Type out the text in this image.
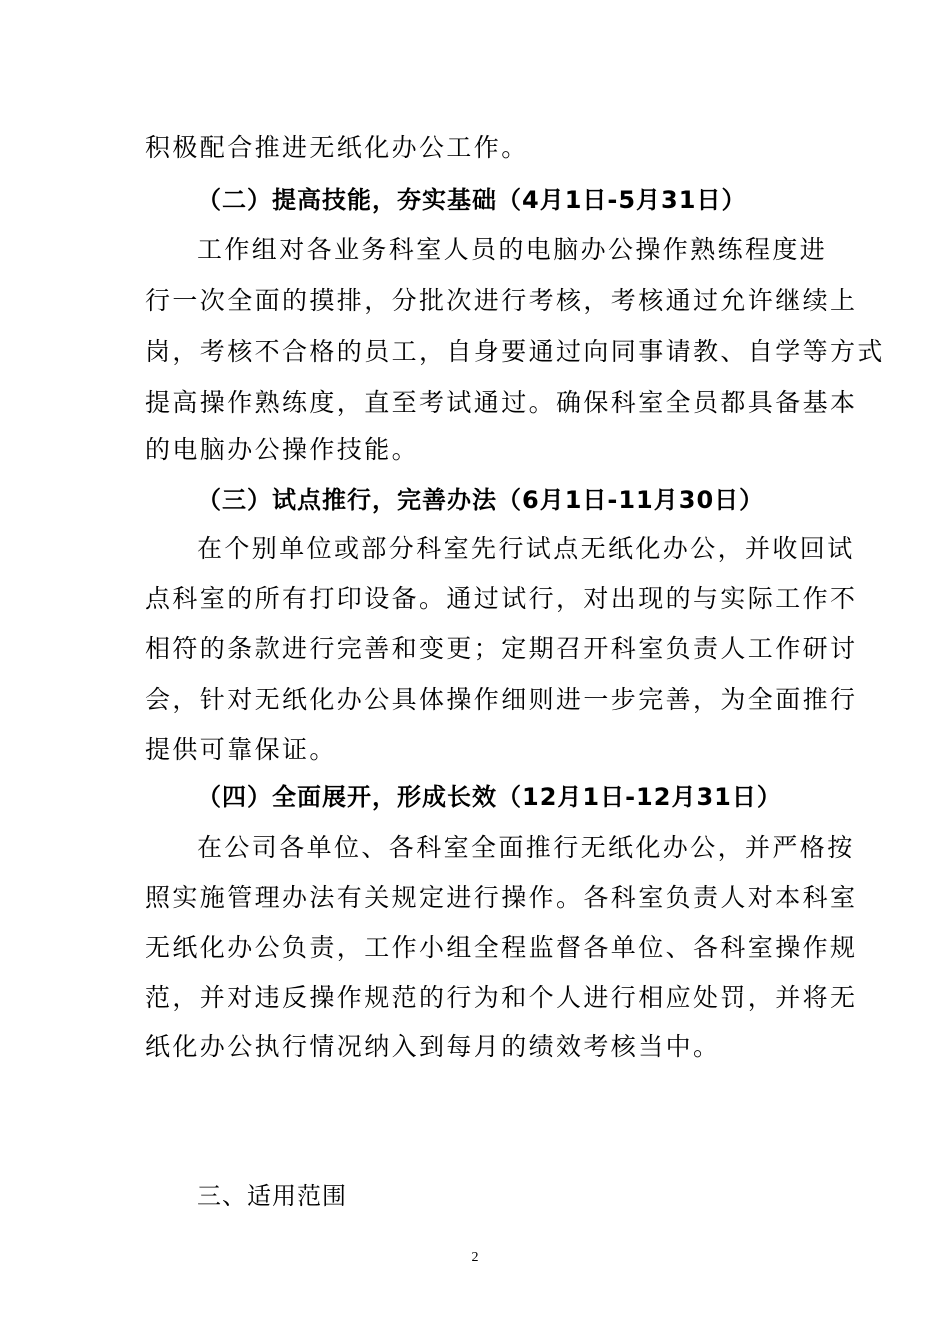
积极配合推进无纸化办公工作。
（二）提高技能，夯实基础（4月1日-5月31日）
工作组对各业务科室人员的电脑办公操作熟练程度进
行一次全面的摸排，分批次进行考核，考核通过允许继续上
岗，考核不合格的员工，自身要通过向同事请教、自学等方式
提高操作熟练度，直至考试通过。确保科室全员都具备基本
的电脑办公操作技能。
（三）试点推行，完善办法（6月1日-11月30日）
在个别单位或部分科室先行试点无纸化办公，并收回试
点科室的所有打印设备。通过试行，对出现的与实际工作不
相符的条款进行完善和变更；定期召开科室负责人工作研讨
会，针对无纸化办公具体操作细则进一步完善，为全面推行
提供可靠保证。
（四）全面展开，形成长效（12月1日-12月31日）
在公司各单位、各科室全面推行无纸化办公，并严格按
照实施管理办法有关规定进行操作。各科室负责人对本科室
无纸化办公负责，工作小组全程监督各单位、各科室操作规
范，并对违反操作规范的行为和个人进行相应处罚，并将无
纸化办公执行情况纳入到每月的绩效考核当中。
三、适用范围
2
